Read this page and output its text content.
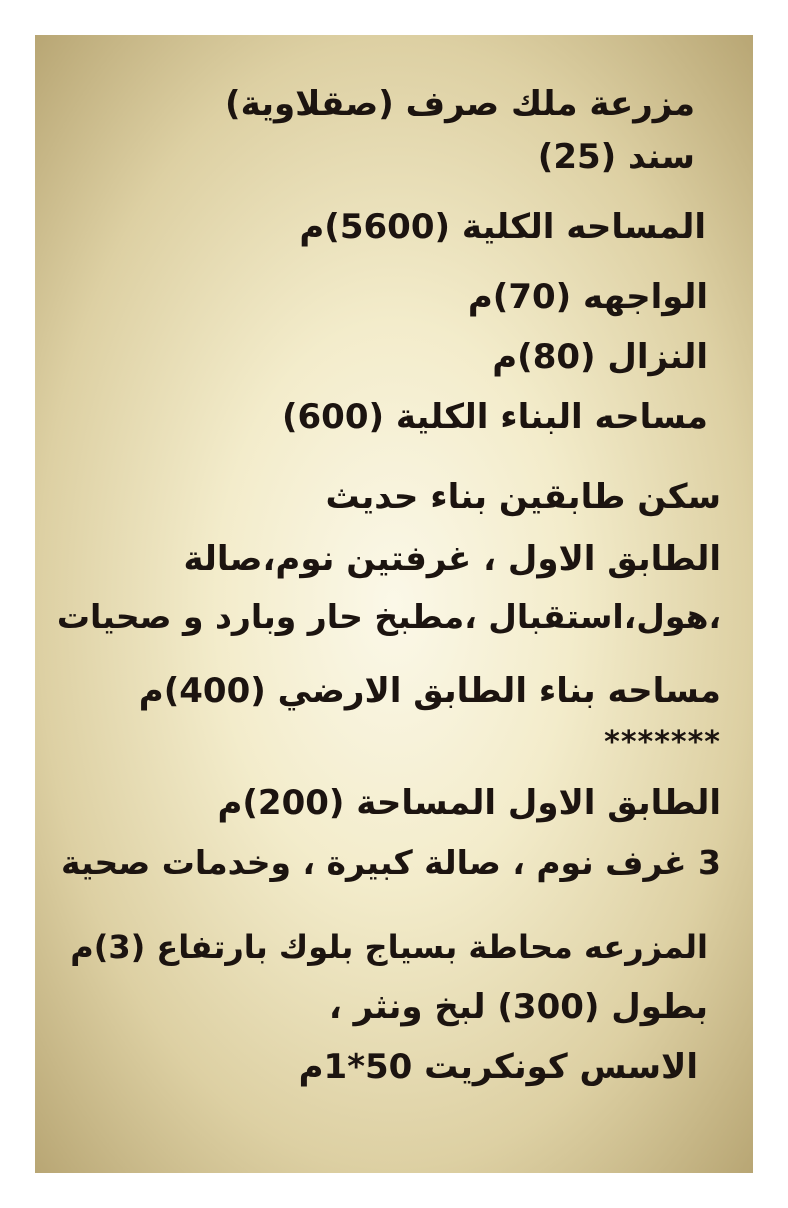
مزرعة ملك صرف (صقلاوية)
سند (25)
المساحه الكلية (5600)م
الواجهه (70)م
النزال (80)م
مساحه البناء الكلية (600)
سكن طابقين بناء حديث
الطابق الاول ، غرفتين نوم،صالة
،هول،استقبال ،مطبخ حار وبارد و صحيات
مساحه بناء الطابق الارضي (400)م
*******
الطابق الاول المساحة (200)م
3 غرف نوم ، صالة كبيرة ، وخدمات صحية
المزرعه محاطة بسياج بلوك بارتفاع (3)م
بطول (300) لبخ ونثر ،
الاسس كونكريت 50*1م
